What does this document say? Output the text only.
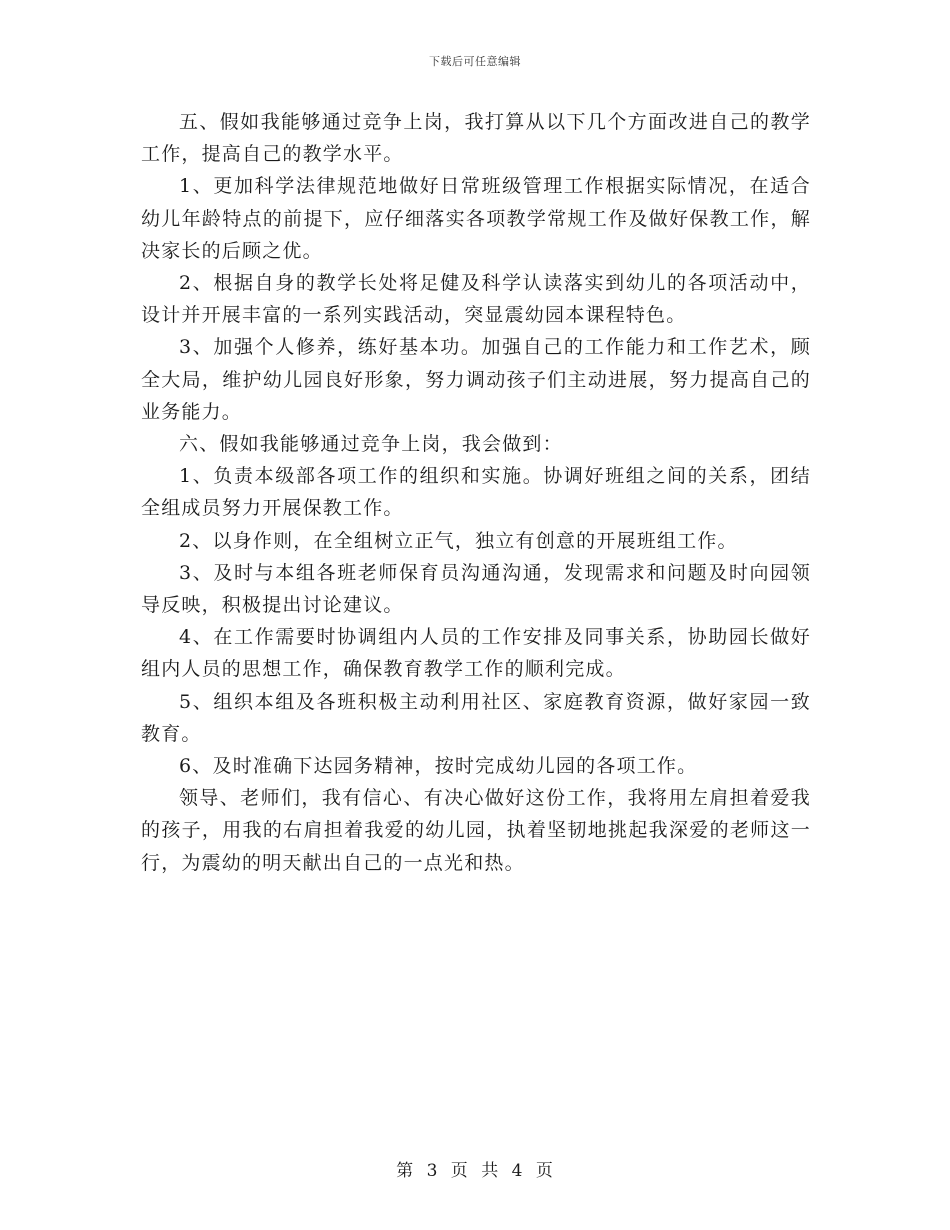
下载后可任意编辑

五、假如我能够通过竞争上岗，我打算从以下几个方面改进自己的教学工作，提高自己的教学水平。

1、更加科学法律规范地做好日常班级管理工作根据实际情况，在适合幼儿年龄特点的前提下，应仔细落实各项教学常规工作及做好保教工作，解决家长的后顾之优。

2、根据自身的教学长处将足健及科学认读落实到幼儿的各项活动中，设计并开展丰富的一系列实践活动，突显震幼园本课程特色。

3、加强个人修养，练好基本功。加强自己的工作能力和工作艺术，顾全大局，维护幼儿园良好形象，努力调动孩子们主动进展，努力提高自己的业务能力。

六、假如我能够通过竞争上岗，我会做到：

1、负责本级部各项工作的组织和实施。协调好班组之间的关系，团结全组成员努力开展保教工作。

2、以身作则，在全组树立正气，独立有创意的开展班组工作。

3、及时与本组各班老师保育员沟通沟通，发现需求和问题及时向园领导反映，积极提出讨论建议。

4、在工作需要时协调组内人员的工作安排及同事关系，协助园长做好组内人员的思想工作，确保教育教学工作的顺利完成。

5、组织本组及各班积极主动利用社区、家庭教育资源，做好家园一致教育。

6、及时准确下达园务精神，按时完成幼儿园的各项工作。

领导、老师们，我有信心、有决心做好这份工作，我将用左肩担着爱我的孩子，用我的右肩担着我爱的幼儿园，执着坚韧地挑起我深爱的老师这一行，为震幼的明天献出自己的一点光和热。

第 3 页 共 4 页
